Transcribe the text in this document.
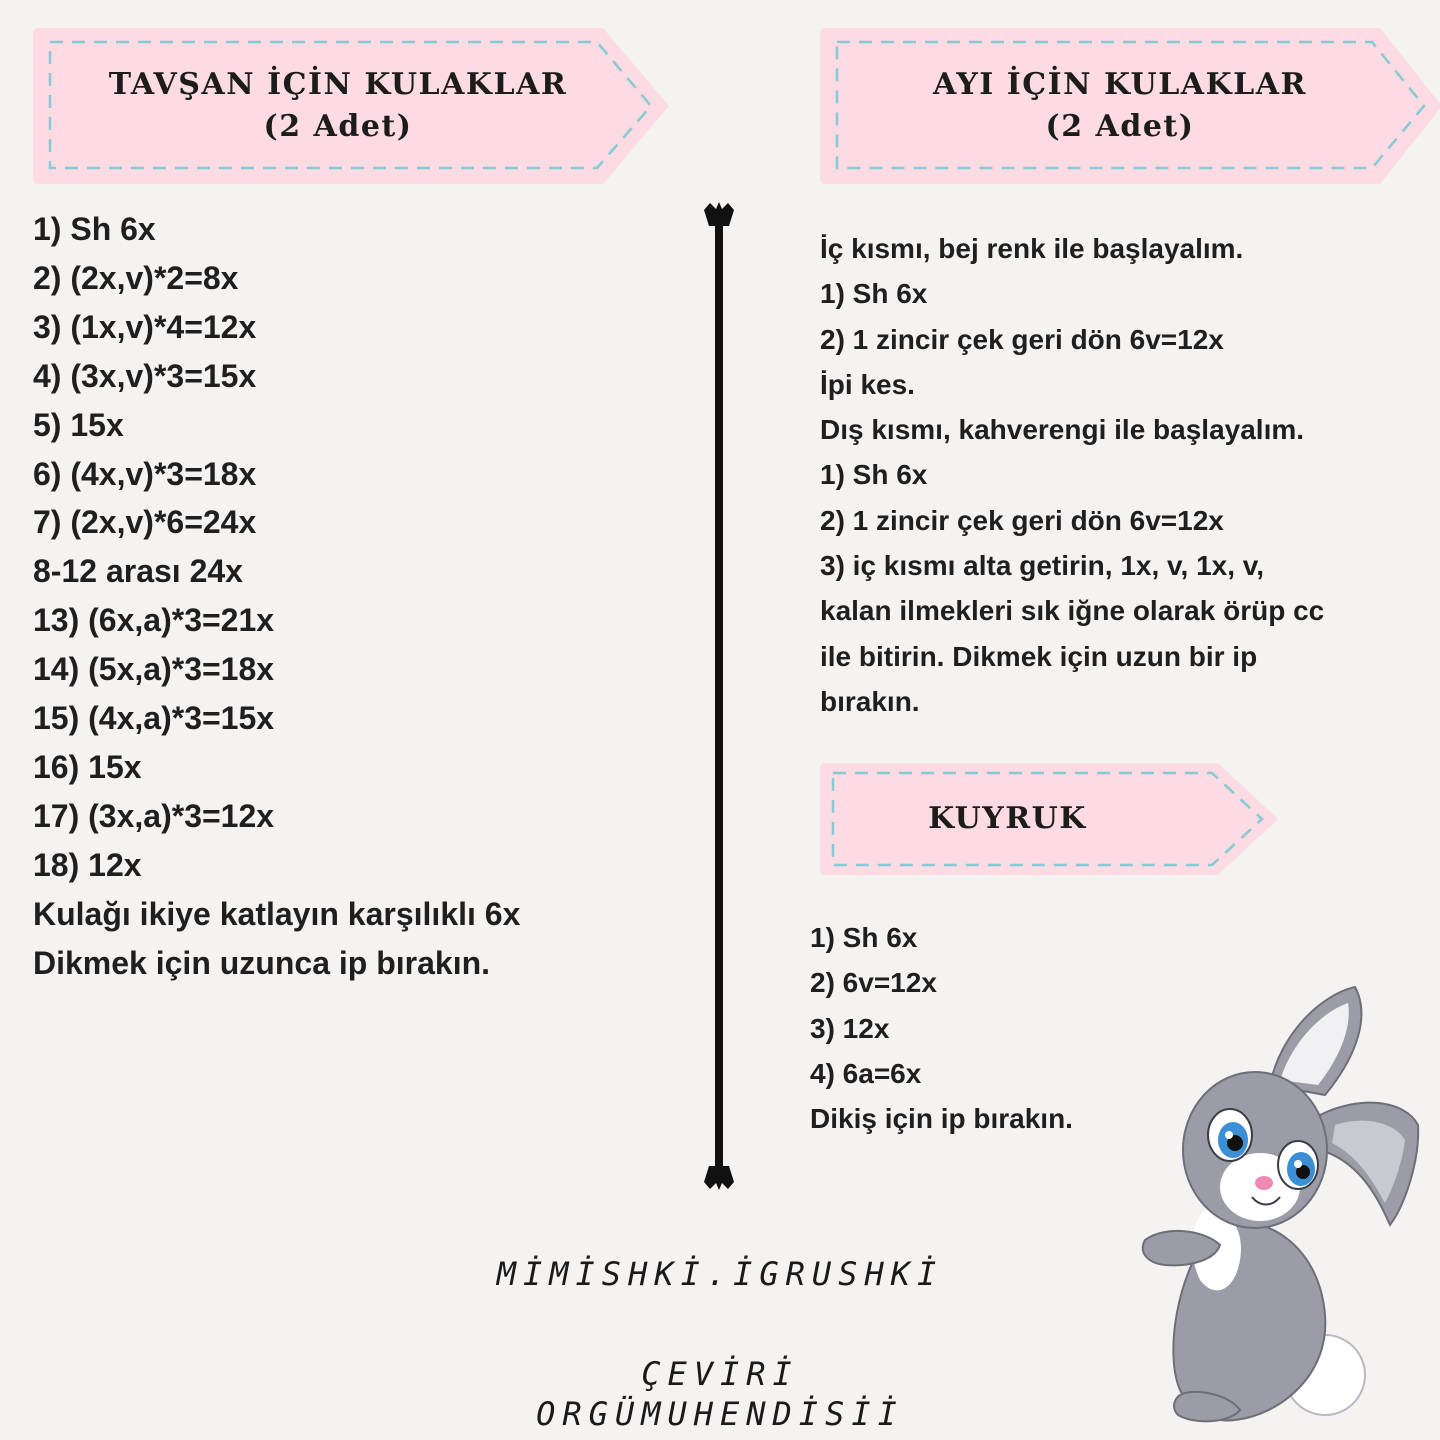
TAVŞAN İÇİN KULAKLAR
(2 Adet)
AYI İÇİN KULAKLAR
(2 Adet)
KUYRUK
1) Sh 6x
2) (2x,v)*2=8x
3) (1x,v)*4=12x
4) (3x,v)*3=15x
5) 15x
6) (4x,v)*3=18x
7) (2x,v)*6=24x
8-12 arası 24x
13) (6x,a)*3=21x
14) (5x,a)*3=18x
15) (4x,a)*3=15x
16) 15x
17) (3x,a)*3=12x
18) 12x
Kulağı ikiye katlayın karşılıklı 6x
Dikmek için uzunca ip bırakın.
İç kısmı, bej renk ile başlayalım.
1) Sh 6x
2) 1 zincir çek geri dön 6v=12x
İpi kes.
Dış kısmı, kahverengi ile başlayalım.
1) Sh 6x
2) 1 zincir çek geri dön 6v=12x
3) iç kısmı alta getirin, 1x, v, 1x, v,
kalan ilmekleri sık iğne olarak örüp cc
ile bitirin. Dikmek için uzun bir ip
bırakın.
1) Sh 6x
2) 6v=12x
3) 12x
4) 6a=6x
Dikiş için ip bırakın.
MİMİSHKİ.İGRUSHKİ
ÇEVİRİ
ORGÜMUHENDİSİİ
